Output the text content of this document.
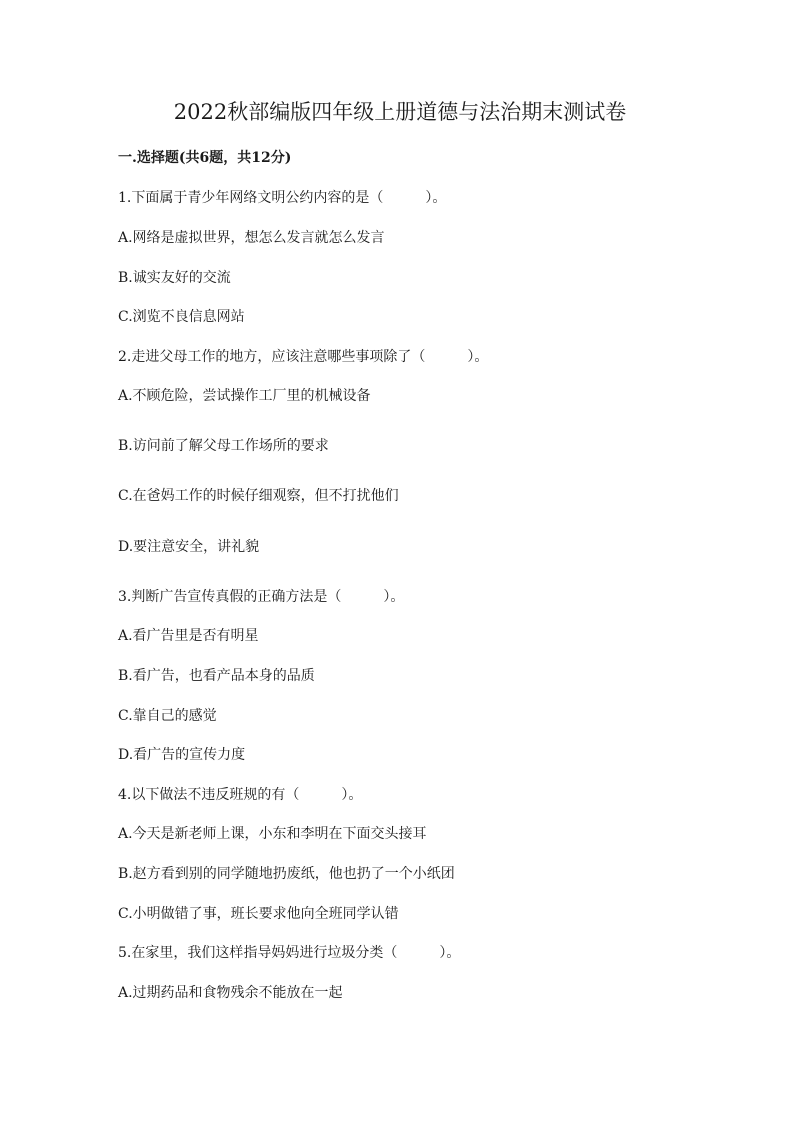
2022秋部编版四年级上册道德与法治期末测试卷
一.选择题(共6题，共12分)
1.下面属于青少年网络文明公约内容的是（　　　）。
A.网络是虚拟世界，想怎么发言就怎么发言
B.诚实友好的交流
C.浏览不良信息网站
2.走进父母工作的地方，应该注意哪些事项除了（　　　）。
A.不顾危险，尝试操作工厂里的机械设备
B.访问前了解父母工作场所的要求
C.在爸妈工作的时候仔细观察，但不打扰他们
D.要注意安全，讲礼貌
3.判断广告宣传真假的正确方法是（　　　）。
A.看广告里是否有明星
B.看广告，也看产品本身的品质
C.靠自己的感觉
D.看广告的宣传力度
4.以下做法不违反班规的有（　　　）。
A.今天是新老师上课，小东和李明在下面交头接耳
B.赵方看到别的同学随地扔废纸，他也扔了一个小纸团
C.小明做错了事，班长要求他向全班同学认错
5.在家里，我们这样指导妈妈进行垃圾分类（　　　）。
A.过期药品和食物残余不能放在一起
